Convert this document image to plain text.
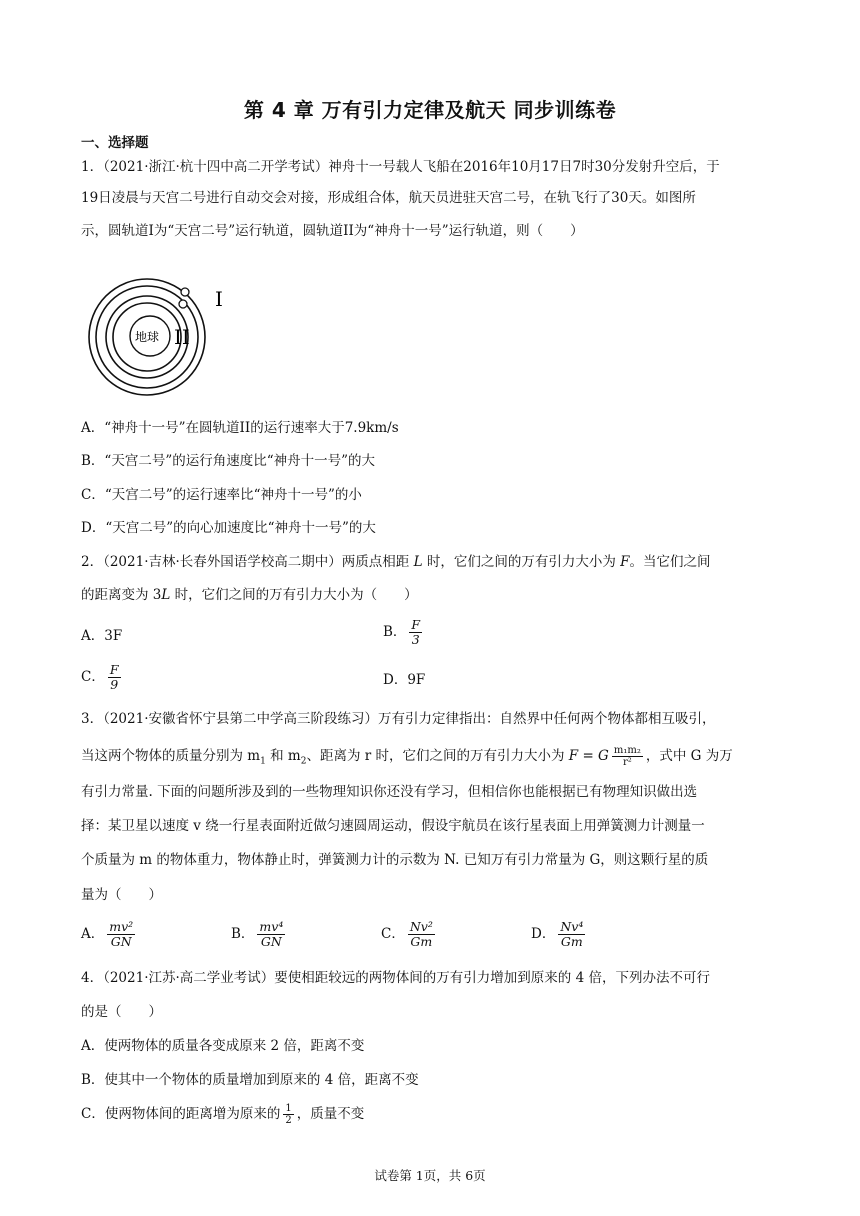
第 4 章 万有引力定律及航天 同步训练卷
一、选择题
1．（2021·浙江·杭十四中高二开学考试）神舟十一号载人飞船在2016年10月17日7时30分发射升空后，于
19日凌晨与天宫二号进行自动交会对接，形成组合体，航天员进驻天宫二号，在轨飞行了30天。如图所
示，圆轨道I为“天宫二号”运行轨道，圆轨道II为“神舟十一号”运行轨道，则（　　）
地球 II
I
A．“神舟十一号”在圆轨道II的运行速率大于7.9km/s
B．“天宫二号”的运行角速度比“神舟十一号”的大
C．“天宫二号”的运行速率比“神舟十一号”的小
D．“天宫二号”的向心加速度比“神舟十一号”的大
2．（2021·吉林·长春外国语学校高二期中）两质点相距 L 时，它们之间的万有引力大小为 F。当它们之间
的距离变为 3L 时，它们之间的万有引力大小为（　　）
A．3F	B． $\frac{F}{3}$
C． $\frac{F}{9}$	D．9F
3．（2021·安徽省怀宁县第二中学高三阶段练习）万有引力定律指出：自然界中任何两个物体都相互吸引，
当这两个物体的质量分别为 $m_1$ 和 $m_2$、距离为 r 时，它们之间的万有引力大小为 F = G $\frac{\text{m₁m₂}}{\text{r²}}$ ，式中 G 为万
有引力常量. 下面的问题所涉及到的一些物理知识你还没有学习，但相信你也能根据已有物理知识做出选
择：某卫星以速度 v 绕一行星表面附近做匀速圆周运动，假设宇航员在该行星表面上用弹簧测力计测量一
个质量为 m 的物体重力，物体静止时，弹簧测力计的示数为 N. 已知万有引力常量为 G，则这颗行星的质
量为（　　）
A． $\frac{\text{mv²}}{GN}$	B． $\frac{\text{mv⁴}}{GN}$	C． $\frac{\text{Nv²}}{Gm}$	D． $\frac{\text{Nv⁴}}{Gm}$
4．（2021·江苏·高二学业考试）要使相距较远的两物体间的万有引力增加到原来的 4 倍，下列办法不可行
的是（　　）
A．使两物体的质量各变成原来 2 倍，距离不变
B．使其中一个物体的质量增加到原来的 4 倍，距离不变
C．使两物体间的距离增为原来的 $\frac{1}{2}$ ，质量不变
试卷第 1页，共 6页
